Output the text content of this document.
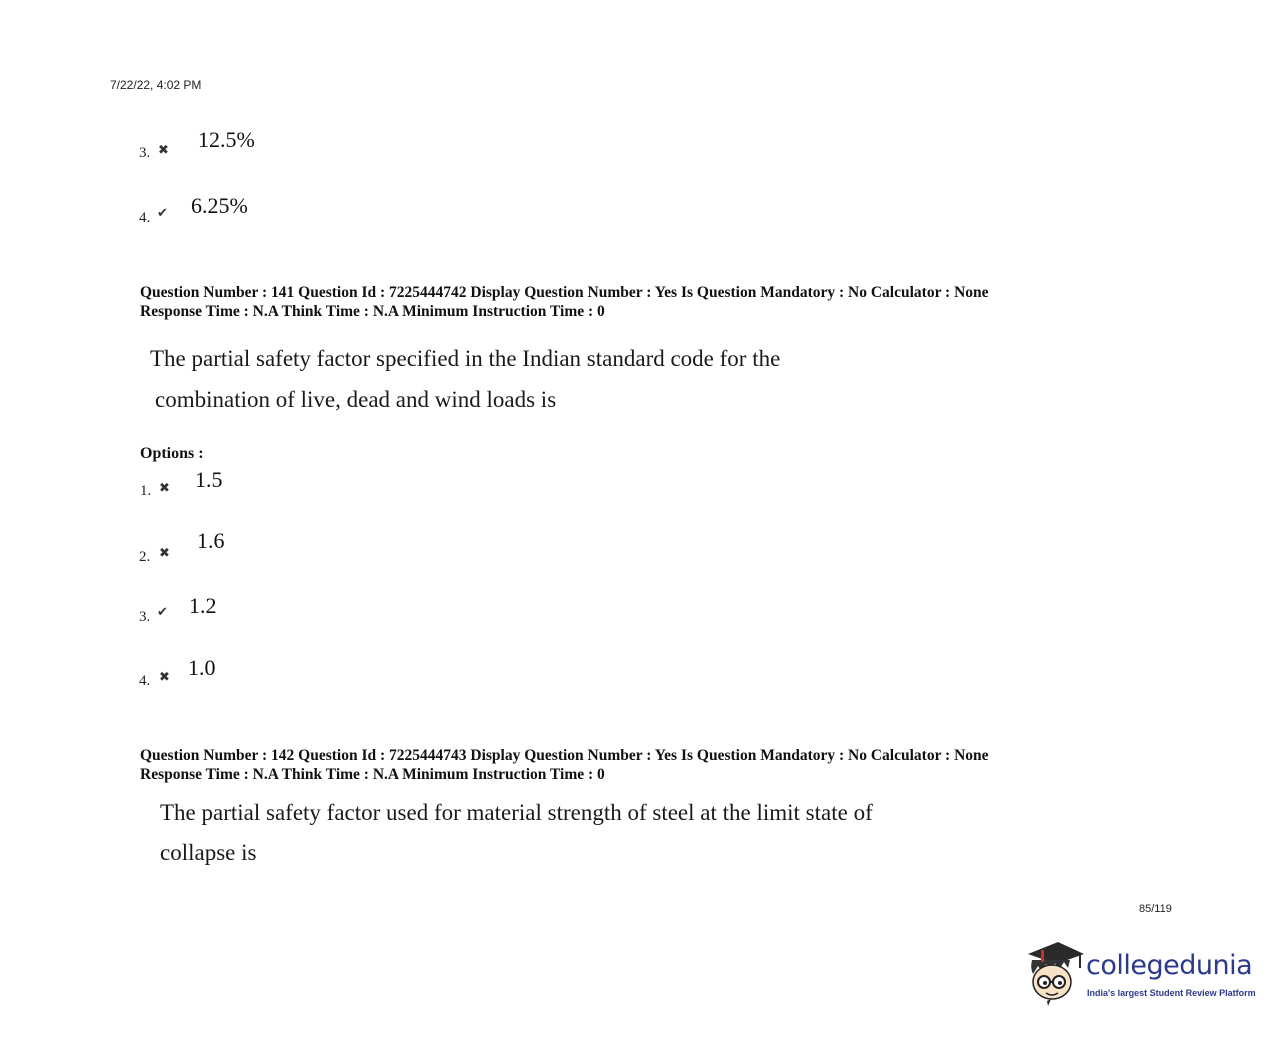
7/22/22, 4:02 PM
3. ✖ 12.5%
4. ✔ 6.25%
Question Number : 141 Question Id : 7225444742 Display Question Number : Yes Is Question Mandatory : No Calculator : None
Response Time : N.A Think Time : N.A Minimum Instruction Time : 0
The partial safety factor specified in the Indian standard code for the
combination of live, dead and wind loads is
Options :
1. ✖ 1.5
2. ✖
1.6
3. ✔ 1.2
4. ✖ 1.0
Question Number : 142 Question Id : 7225444743 Display Question Number : Yes Is Question Mandatory : No Calculator : None
Response Time : N.A Think Time : N.A Minimum Instruction Time : 0
The partial safety factor used for material strength of steel at the limit state of
collapse is
85/119
collegedunia
India's largest Student Review Platform
